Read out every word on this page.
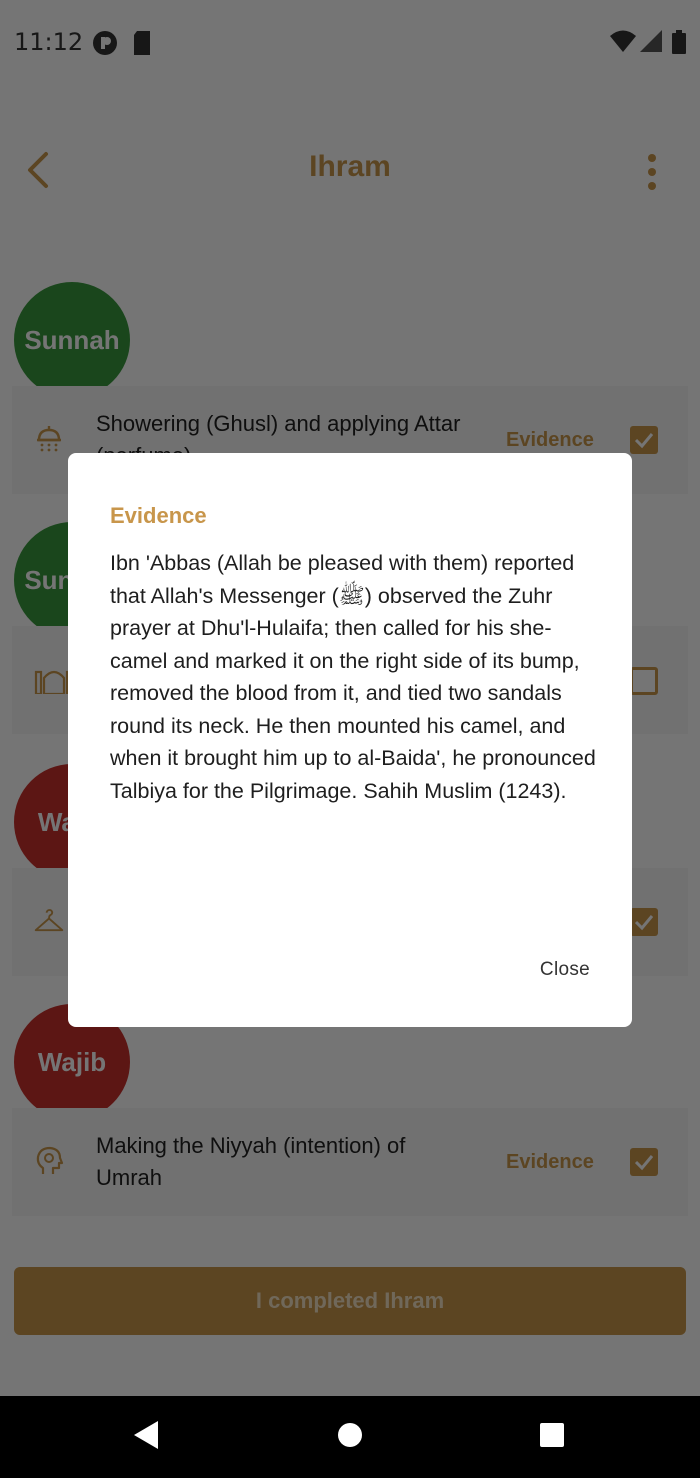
Evidence
Ibn 'Abbas (Allah be pleased with them) reported that Allah's Messenger (ﷺ) observed the Zuhr prayer at Dhu'l-Hulaifa; then called for his she-camel and marked it on the right side of its bump, removed the blood from it, and tied two sandals round its neck. He then mounted his camel, and when it brought him up to al-Baida', he pronounced Talbiya for the Pilgrimage. Sahih Muslim (1243).
Close
